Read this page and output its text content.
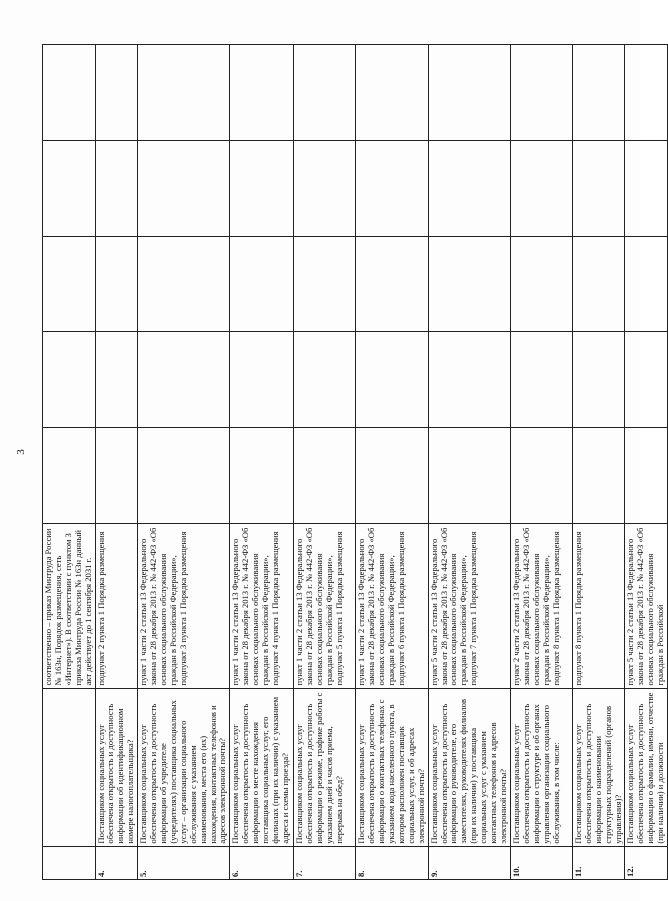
3
		соответственно – приказ Минтруда России № 163н, Порядок размещения, сеть «Интернет»). В соответствии с пунктом 3 приказа Минтруда России № 163н данный акт действует до 1 сентября 2031 г.					
4.	Поставщиком социальных услуг обеспечена открытость и доступность информации об идентификационном номере налогоплательщика?	подпункт 2 пункта 1 Порядка размещения					
5.	Поставщиком социальных услуг обеспечена открытость и доступность информации об учредителе (учредителях) поставщика социальных услуг – организации социального обслуживания с указанием наименования, места его (их) нахождения, контактных телефонов и адресов электронной почты?	пункт 1 части 2 статьи 13 Федерального закона от 28 декабря 2013 г. № 442-ФЗ «Об основах социального обслуживания граждан в Российской Федерации», подпункт 3 пункта 1 Порядка размещения					
6.	Поставщиком социальных услуг обеспечена открытость и доступность информации о месте нахождения поставщика социальных услуг, его филиалах (при их наличии) с указанием адреса и схемы проезда?	пункт 1 части 2 статьи 13 Федерального закона от 28 декабря 2013 г. № 442-ФЗ «Об основах социального обслуживания граждан в Российской Федерации», подпункт 4 пункта 1 Порядка размещения					
7.	Поставщиком социальных услуг обеспечена открытость и доступность информации о режиме, графике работы с указанием дней и часов приема, перерыва на обед?	пункт 1 части 2 статьи 13 Федерального закона от 28 декабря 2013 г. № 442-ФЗ «Об основах социального обслуживания граждан в Российской Федерации», подпункт 5 пункта 1 Порядка размещения					
8.	Поставщиком социальных услуг обеспечена открытость и доступность информации о контактных телефонах с указанием кода населенного пункта, в котором расположен поставщик социальных услуг, и об адресах электронной почты?	пункт 1 части 2 статьи 13 Федерального закона от 28 декабря 2013 г. № 442-ФЗ «Об основах социального обслуживания граждан в Российской Федерации», подпункт 6 пункта 1 Порядка размещения					
9.	Поставщиком социальных услуг обеспечена открытость и доступность информации о руководителе, его заместителях, руководителях филиалов (при их наличии) у поставщика социальных услуг с указанием контактных телефонов и адресов электронной почты?	пункт 5 части 2 статьи 13 Федерального закона от 28 декабря 2013 г. № 442-ФЗ «Об основах социального обслуживания граждан в Российской Федерации», подпункт 7 пункта 1 Порядка размещения					
10.	Поставщиком социальных услуг обеспечена открытость и доступность информации о структуре и об органах управления организации социального обслуживания, в том числе:	пункт 2 части 2 статьи 13 Федерального закона от 28 декабря 2013 г. № 442-ФЗ «Об основах социального обслуживания граждан в Российской Федерации», подпункт 8 пункта 1 Порядка размещения					
11.	Поставщиком социальных услуг обеспечена открытость и доступность информации о наименовании структурных подразделений (органов управления)?	подпункт 8 пункта 1 Порядка размещения					
12.	Поставщиком социальных услуг обеспечена открытость и доступность информации о фамилии, имени, отчестве (при наличии) и должности	пункт 5 части 2 статьи 13 Федерального закона от 28 декабря 2013 г. № 442-ФЗ «Об основах социального обслуживания граждан в Российской					
